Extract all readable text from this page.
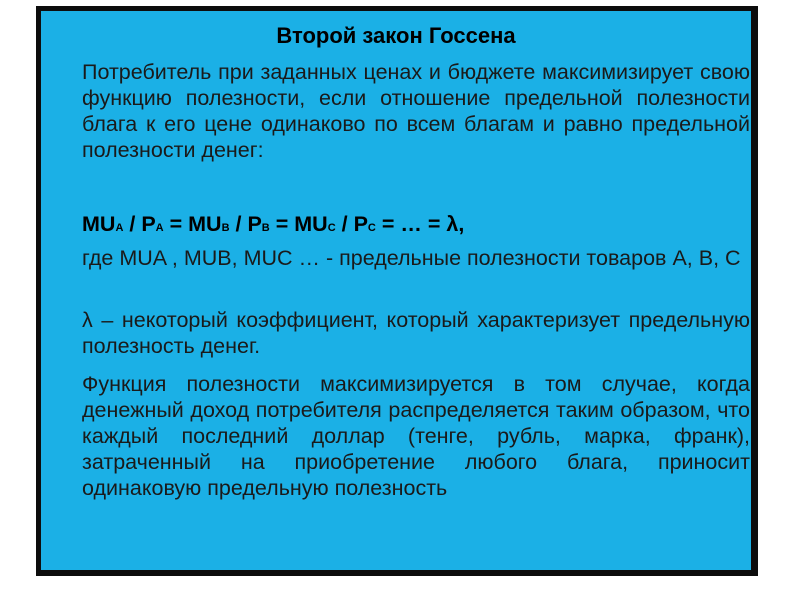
Второй закон Госсена
Потребитель при заданных ценах и бюджете максимизирует свою функцию полезности, если отношение предельной полезности блага к его цене одинаково по всем благам и равно предельной полезности денег:
MUA / PA = MUB / PB = MUC / PC = … = λ,
где MUA , MUB, MUC … - предельные полезности товаров А, В, С
λ – некоторый коэффициент, который характеризует предельную полезность денег.
Функция полезности максимизируется в том случае, когда денежный доход потребителя распределяется таким образом, что каждый последний доллар (тенге, рубль, марка, франк), затраченный на приобретение любого блага, приносит одинаковую предельную полезность
